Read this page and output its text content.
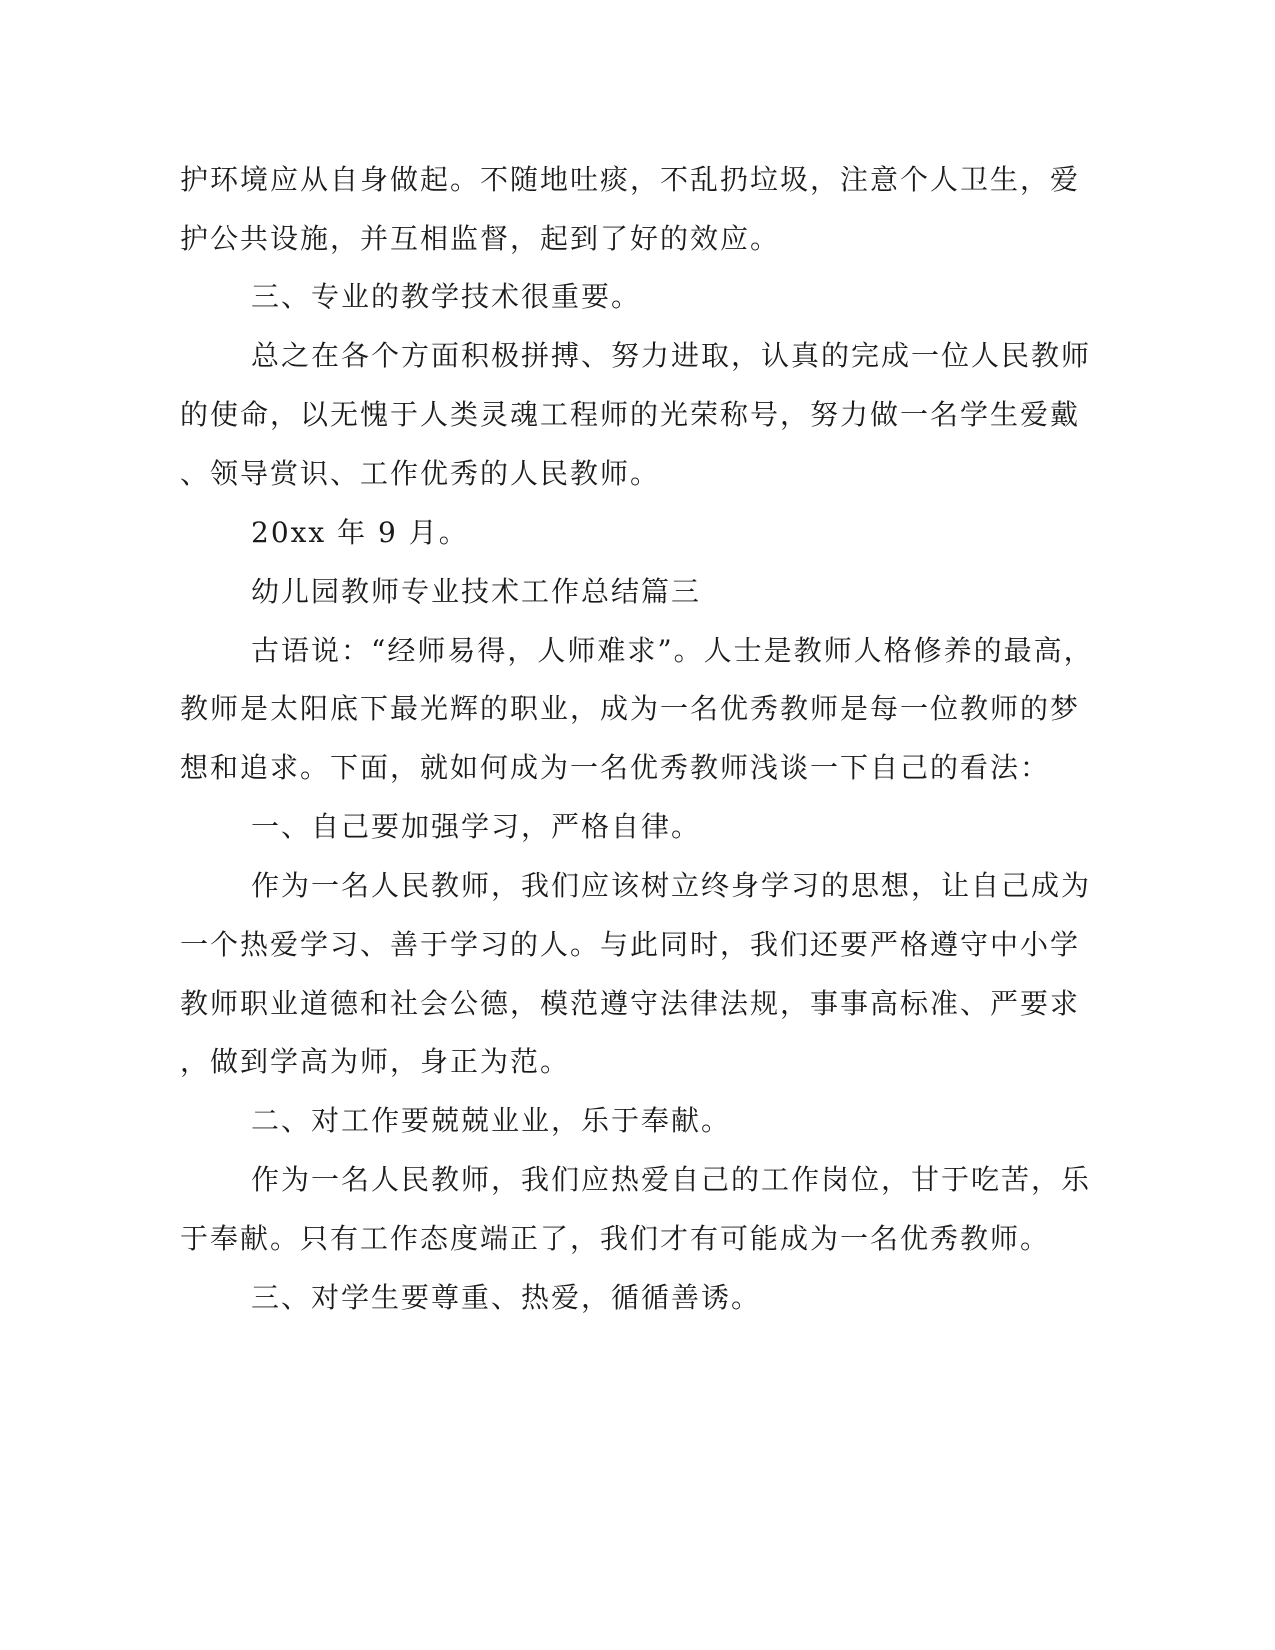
护环境应从自身做起。不随地吐痰，不乱扔垃圾，注意个人卫生，爱
护公共设施，并互相监督，起到了好的效应。
三、专业的教学技术很重要。
总之在各个方面积极拼搏、努力进取，认真的完成一位人民教师
的使命，以无愧于人类灵魂工程师的光荣称号，努力做一名学生爱戴
、领导赏识、工作优秀的人民教师。
20xx 年 9 月。
幼儿园教师专业技术工作总结篇三
古语说：“经师易得，人师难求”。人士是教师人格修养的最高，
教师是太阳底下最光辉的职业，成为一名优秀教师是每一位教师的梦
想和追求。下面，就如何成为一名优秀教师浅谈一下自己的看法：
一、自己要加强学习，严格自律。
作为一名人民教师，我们应该树立终身学习的思想，让自己成为
一个热爱学习、善于学习的人。与此同时，我们还要严格遵守中小学
教师职业道德和社会公德，模范遵守法律法规，事事高标准、严要求
，做到学高为师，身正为范。
二、对工作要兢兢业业，乐于奉献。
作为一名人民教师，我们应热爱自己的工作岗位，甘于吃苦，乐
于奉献。只有工作态度端正了，我们才有可能成为一名优秀教师。
三、对学生要尊重、热爱，循循善诱。
